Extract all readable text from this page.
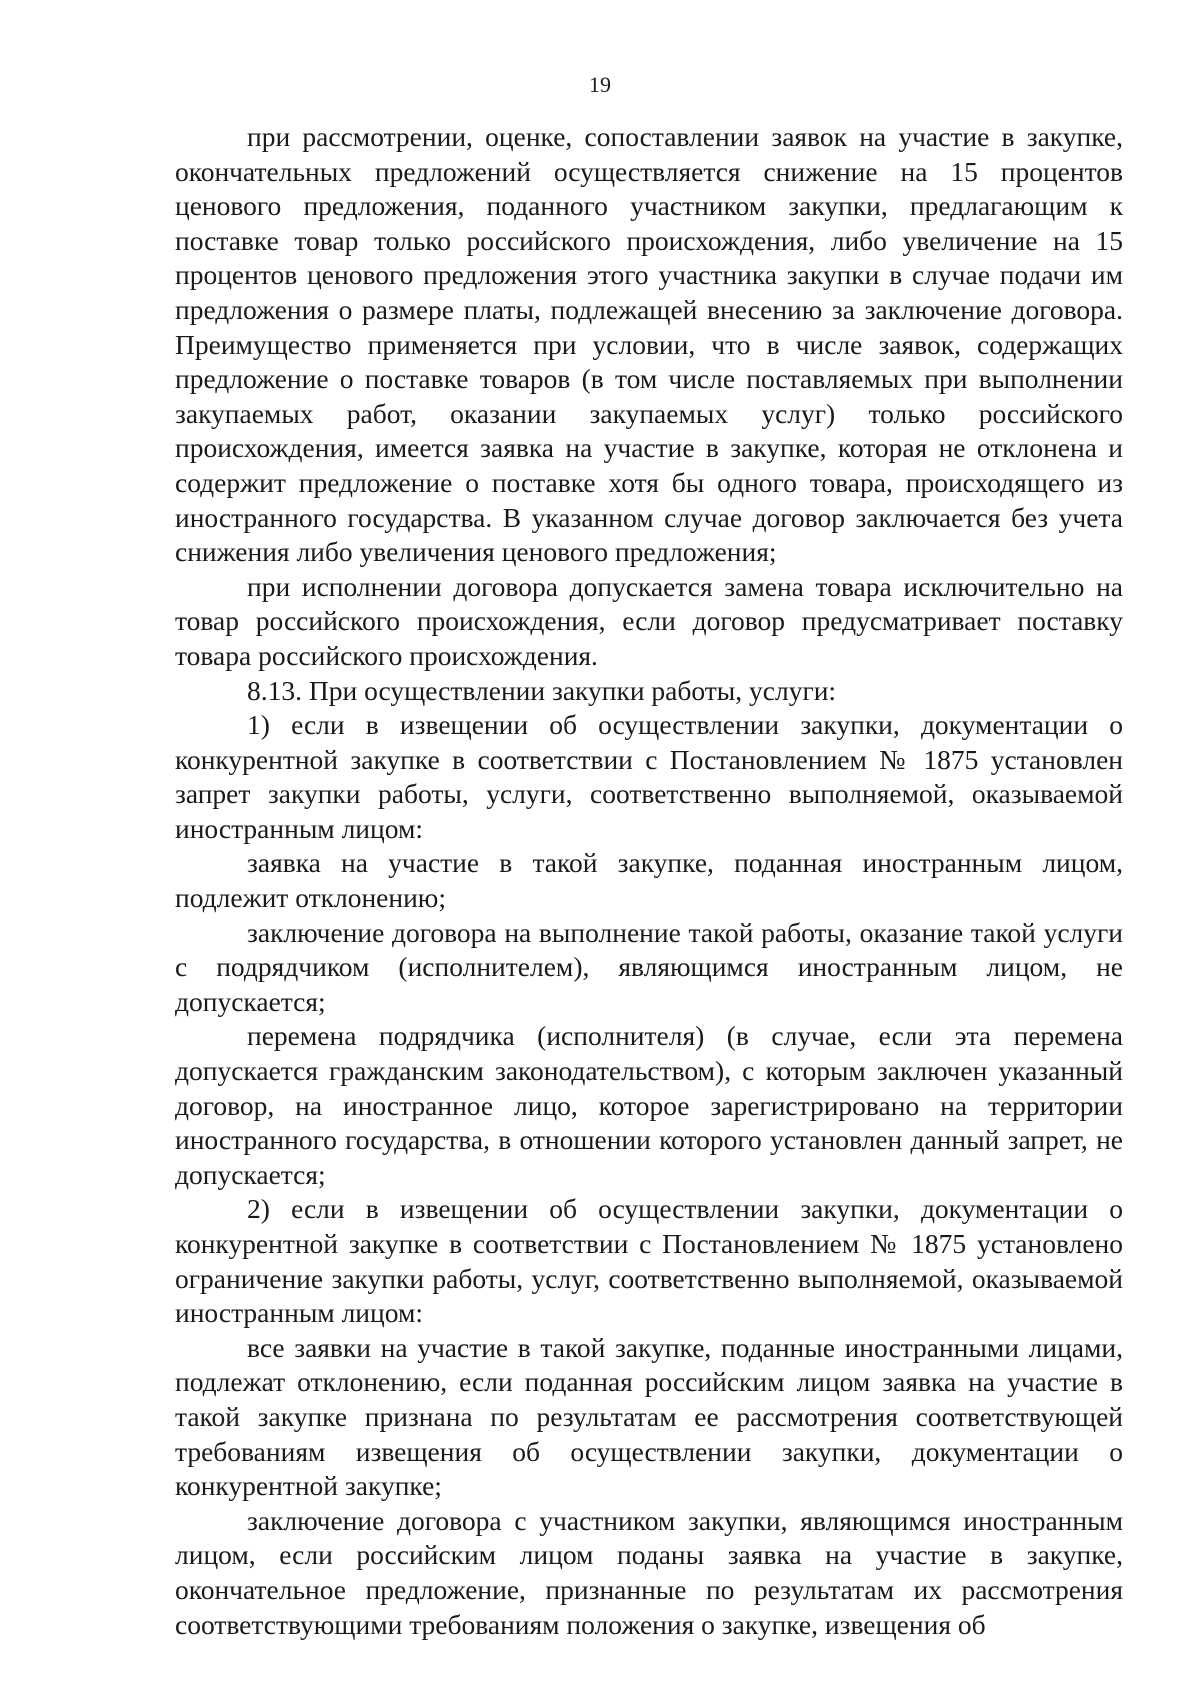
19

при рассмотрении, оценке, сопоставлении заявок на участие в закупке, окончательных предложений осуществляется снижение на 15 процентов ценового предложения, поданного участником закупки, предлагающим к поставке товар только российского происхождения, либо увеличение на 15 процентов ценового предложения этого участника закупки в случае подачи им предложения о размере платы, подлежащей внесению за заключение договора. Преимущество применяется при условии, что в числе заявок, содержащих предложение о поставке товаров (в том числе поставляемых при выполнении закупаемых работ, оказании закупаемых услуг) только российского происхождения, имеется заявка на участие в закупке, которая не отклонена и содержит предложение о поставке хотя бы одного товара, происходящего из иностранного государства. В указанном случае договор заключается без учета снижения либо увеличения ценового предложения;

при исполнении договора допускается замена товара исключительно на товар российского происхождения, если договор предусматривает поставку товара российского происхождения.

8.13. При осуществлении закупки работы, услуги:

1) если в извещении об осуществлении закупки, документации о конкурентной закупке в соответствии с Постановлением № 1875 установлен запрет закупки работы, услуги, соответственно выполняемой, оказываемой иностранным лицом:

заявка на участие в такой закупке, поданная иностранным лицом, подлежит отклонению;

заключение договора на выполнение такой работы, оказание такой услуги с подрядчиком (исполнителем), являющимся иностранным лицом, не допускается;

перемена подрядчика (исполнителя) (в случае, если эта перемена допускается гражданским законодательством), с которым заключен указанный договор, на иностранное лицо, которое зарегистрировано на территории иностранного государства, в отношении которого установлен данный запрет, не допускается;

2) если в извещении об осуществлении закупки, документации о конкурентной закупке в соответствии с Постановлением № 1875 установлено ограничение закупки работы, услуг, соответственно выполняемой, оказываемой иностранным лицом:

все заявки на участие в такой закупке, поданные иностранными лицами, подлежат отклонению, если поданная российским лицом заявка на участие в такой закупке признана по результатам ее рассмотрения соответствующей требованиям извещения об осуществлении закупки, документации о конкурентной закупке;

заключение договора с участником закупки, являющимся иностранным лицом, если российским лицом поданы заявка на участие в закупке, окончательное предложение, признанные по результатам их рассмотрения соответствующими требованиям положения о закупке, извещения об
